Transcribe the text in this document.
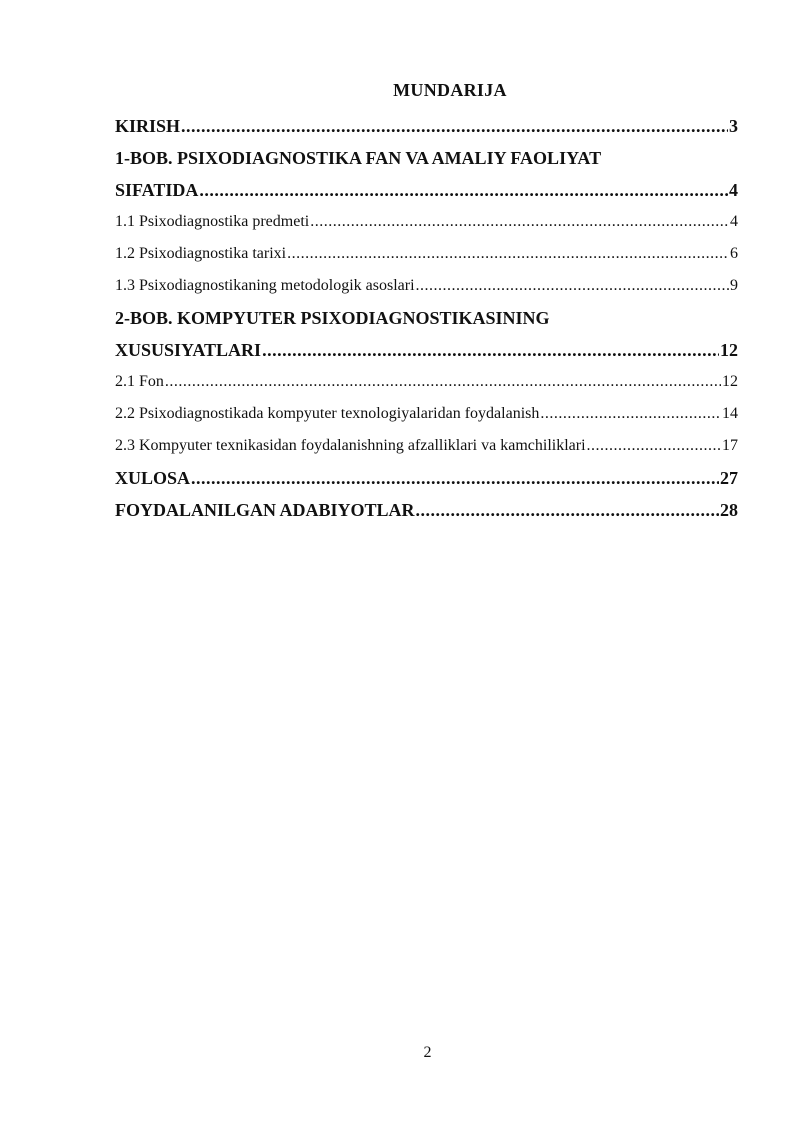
MUNDARIJA
KIRISH .....	3
1-BOB. PSIXODIAGNOSTIKA FAN VA AMALIY FAOLIYAT
SIFATIDA .....	4
1.1 Psixodiagnostika predmeti .....	4
1.2 Psixodiagnostika tarixi .....	6
1.3 Psixodiagnostikaning metodologik asoslari .....	9
2-BOB. KOMPYUTER PSIXODIAGNOSTIKASINING
XUSUSIYATLARI .....	12
2.1 Fon .....	12
2.2 Psixodiagnostikada kompyuter texnologiyalaridan foydalanish .....	14
2.3 Kompyuter texnikasidan foydalanishning afzalliklari va kamchiliklari .....	17
XULOSA .....	27
FOYDALANILGAN ADABIYOTLAR .....	28
2
